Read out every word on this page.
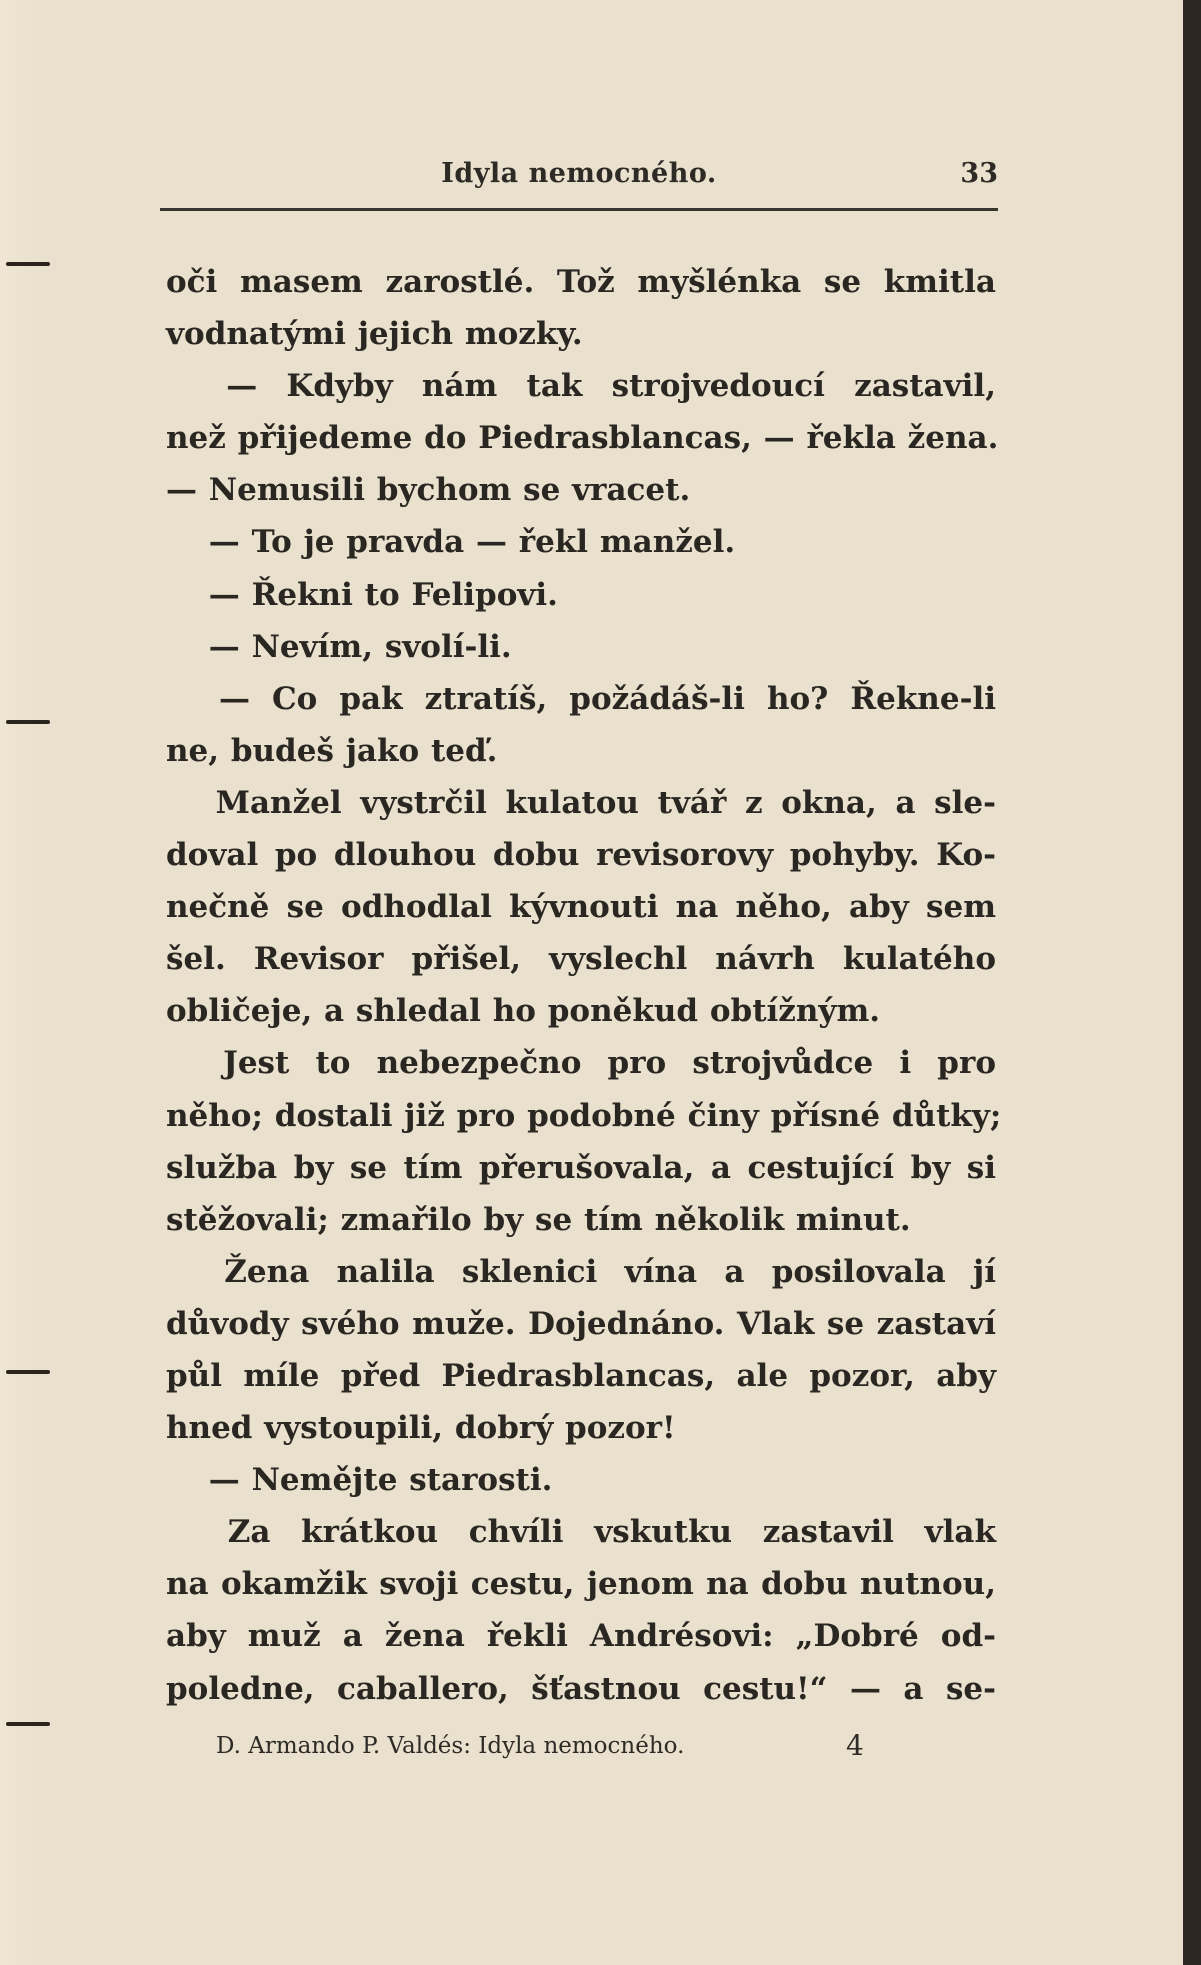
Idyla nemocného.	33
oči masem zarostlé. Tož myšlénka se kmitla
vodnatými jejich mozky.
  — Kdyby nám tak strojvedoucí zastavil,
než přijedeme do Piedrasblancas, — řekla žena.
— Nemusili bychom se vracet.
  — To je pravda — řekl manžel.
  — Řekni to Felipovi.
  — Nevím, svolí-li.
  — Co pak ztratíš, požádáš-li ho? Řekne-li
ne, budeš jako teď.
  Manžel vystrčil kulatou tvář z okna, a sle-
doval po dlouhou dobu revisorovy pohyby. Ko-
nečně se odhodlal kývnouti na něho, aby sem
šel. Revisor přišel, vyslechl návrh kulatého
obličeje, a shledal ho poněkud obtížným.
  Jest to nebezpečno pro strojvůdce i pro
něho; dostali již pro podobné činy přísné důtky;
služba by se tím přerušovala, a cestující by si
stěžovali; zmařilo by se tím několik minut.
  Žena nalila sklenici vína a posilovala jí
důvody svého muže. Dojednáno. Vlak se zastaví
půl míle před Piedrasblancas, ale pozor, aby
hned vystoupili, dobrý pozor!
  — Nemějte starosti.
  Za krátkou chvíli vskutku zastavil vlak
na okamžik svoji cestu, jenom na dobu nutnou,
aby muž a žena řekli Andrésovi: „Dobré od-
poledne, caballero, šťastnou cestu!“ — a se-
D. Armando P. Valdés: Idyla nemocného.	4
